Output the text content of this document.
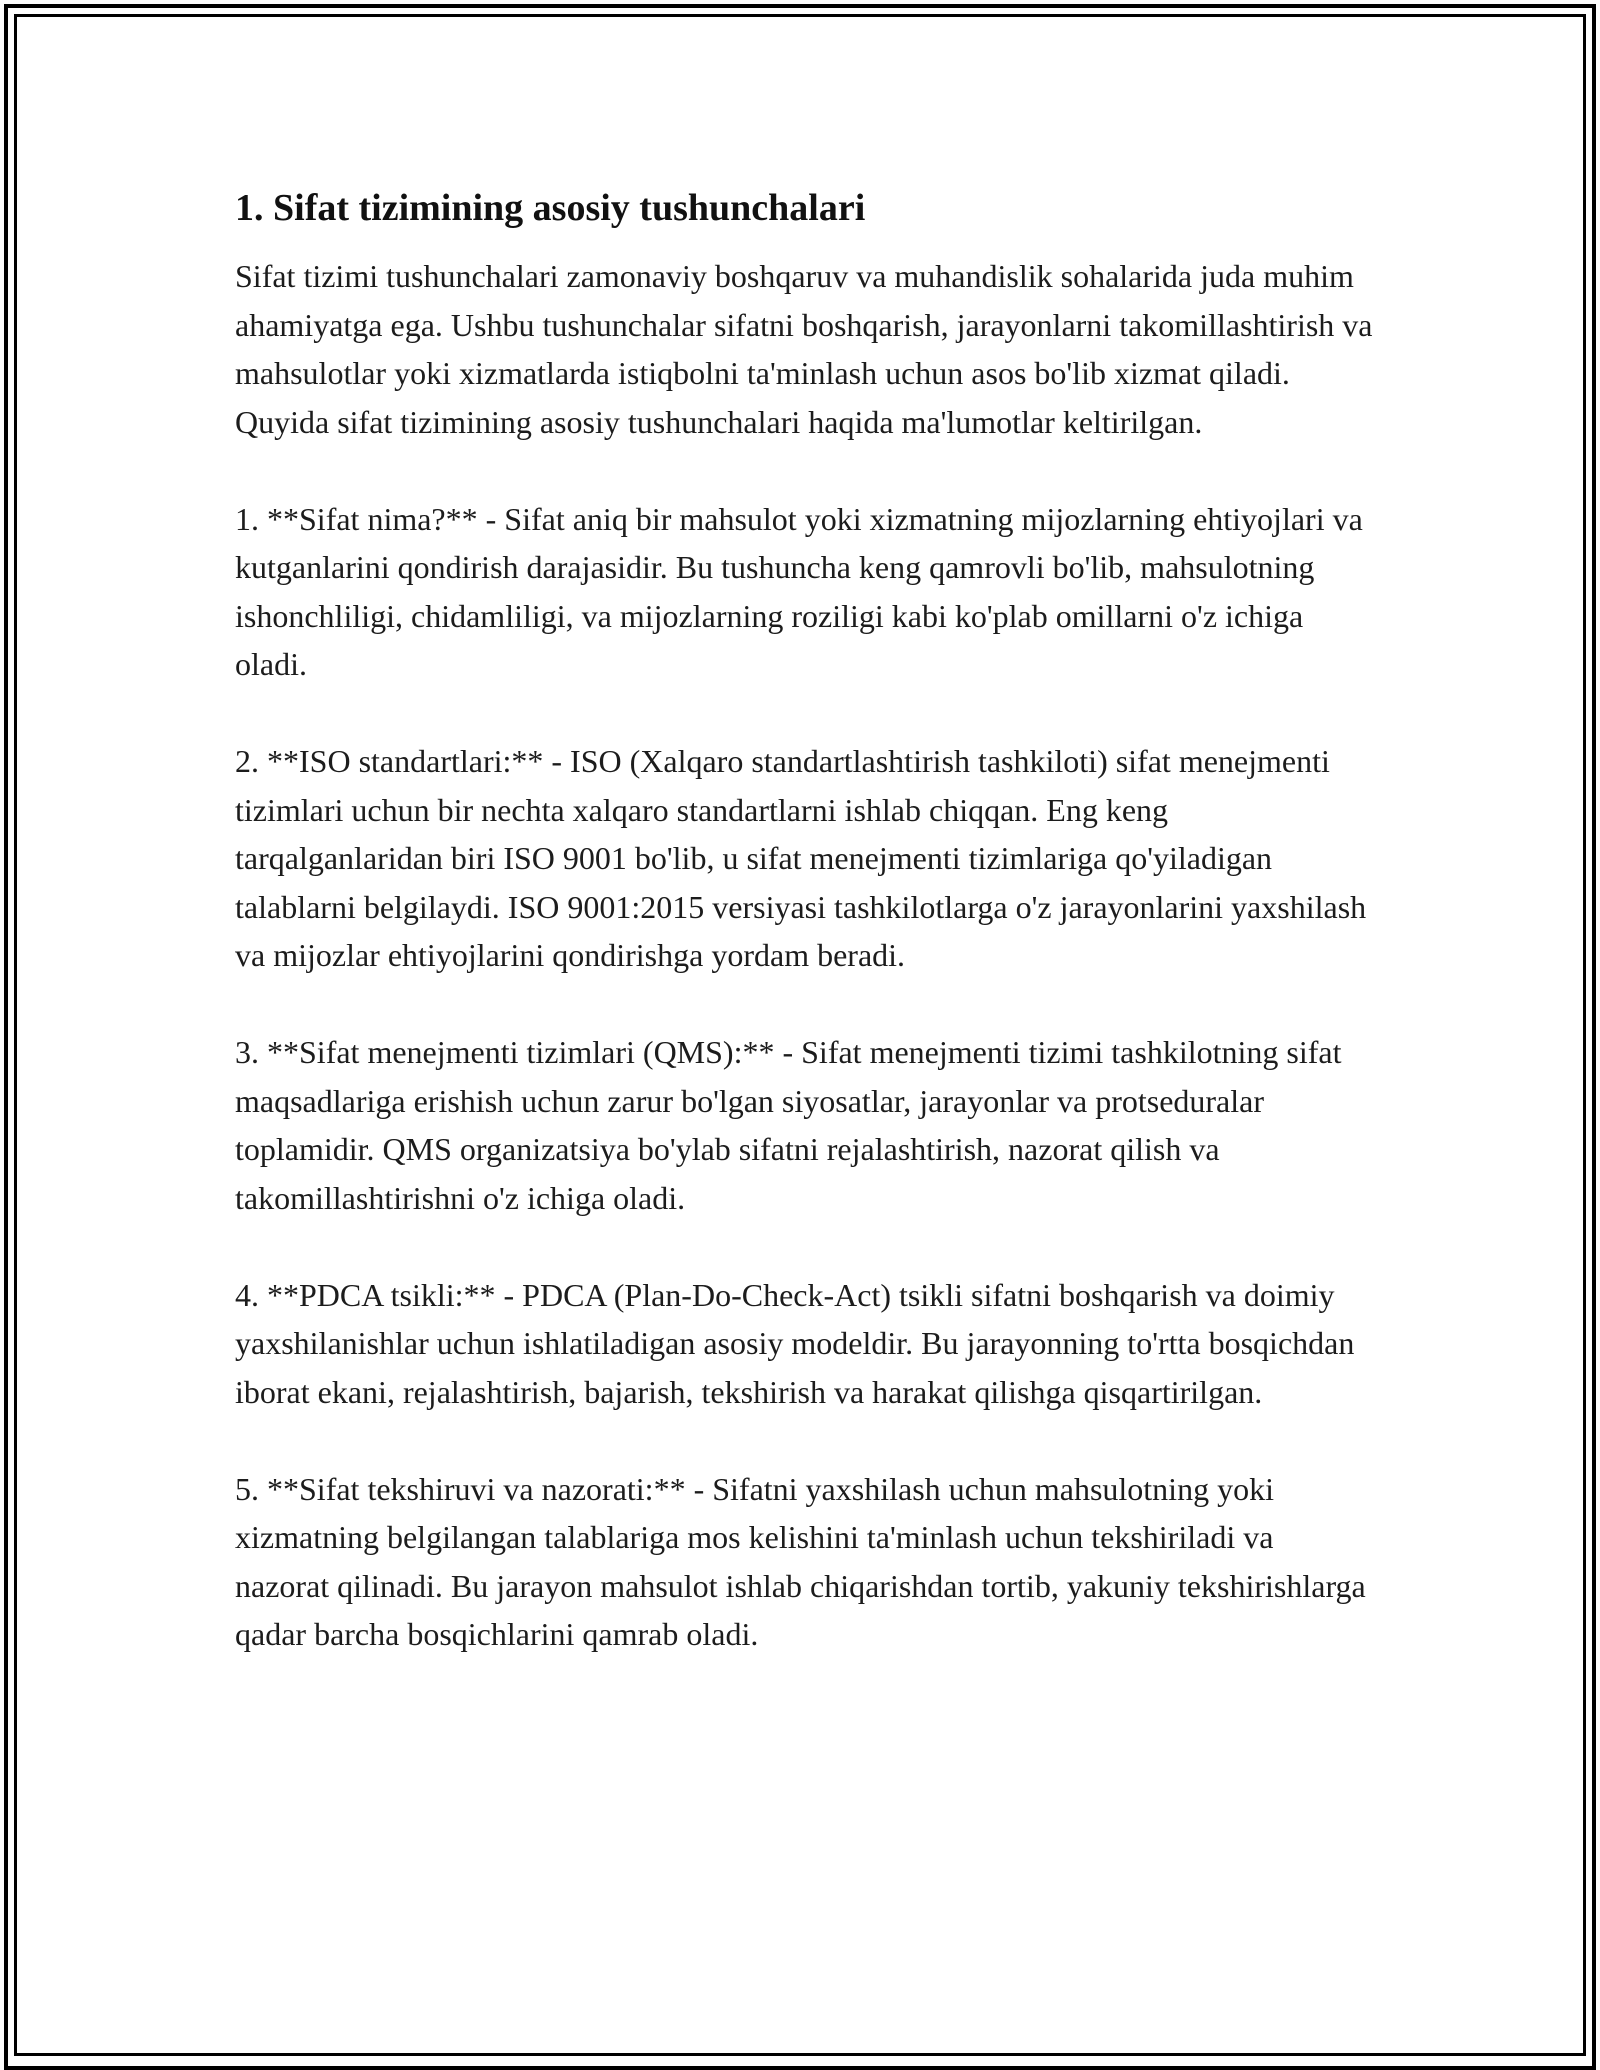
1. Sifat tizimining asosiy tushunchalari

Sifat tizimi tushunchalari zamonaviy boshqaruv va muhandislik sohalarida juda muhim ahamiyatga ega. Ushbu tushunchalar sifatni boshqarish, jarayonlarni takomillashtirish va mahsulotlar yoki xizmatlarda istiqbolni ta'minlash uchun asos bo'lib xizmat qiladi. Quyida sifat tizimining asosiy tushunchalari haqida ma'lumotlar keltirilgan.

1. **Sifat nima?** - Sifat aniq bir mahsulot yoki xizmatning mijozlarning ehtiyojlari va kutganlarini qondirish darajasidir. Bu tushuncha keng qamrovli bo'lib, mahsulotning ishonchliligi, chidamliligi, va mijozlarning roziligi kabi ko'plab omillarni o'z ichiga oladi.

2. **ISO standartlari:** - ISO (Xalqaro standartlashtirish tashkiloti) sifat menejmenti tizimlari uchun bir nechta xalqaro standartlarni ishlab chiqqan. Eng keng tarqalganlaridan biri ISO 9001 bo'lib, u sifat menejmenti tizimlariga qo'yiladigan talablarni belgilaydi. ISO 9001:2015 versiyasi tashkilotlarga o'z jarayonlarini yaxshilash va mijozlar ehtiyojlarini qondirishga yordam beradi.

3. **Sifat menejmenti tizimlari (QMS):** - Sifat menejmenti tizimi tashkilotning sifat maqsadlariga erishish uchun zarur bo'lgan siyosatlar, jarayonlar va protseduralar toplamidir. QMS organizatsiya bo'ylab sifatni rejalashtirish, nazorat qilish va takomillashtirishni o'z ichiga oladi.

4. **PDCA tsikli:** - PDCA (Plan-Do-Check-Act) tsikli sifatni boshqarish va doimiy yaxshilanishlar uchun ishlatiladigan asosiy modeldir. Bu jarayonning to'rtta bosqichdan iborat ekani, rejalashtirish, bajarish, tekshirish va harakat qilishga qisqartirilgan.

5. **Sifat tekshiruvi va nazorati:** - Sifatni yaxshilash uchun mahsulotning yoki xizmatning belgilangan talablariga mos kelishini ta'minlash uchun tekshiriladi va nazorat qilinadi. Bu jarayon mahsulot ishlab chiqarishdan tortib, yakuniy tekshirishlarga qadar barcha bosqichlarini qamrab oladi.
